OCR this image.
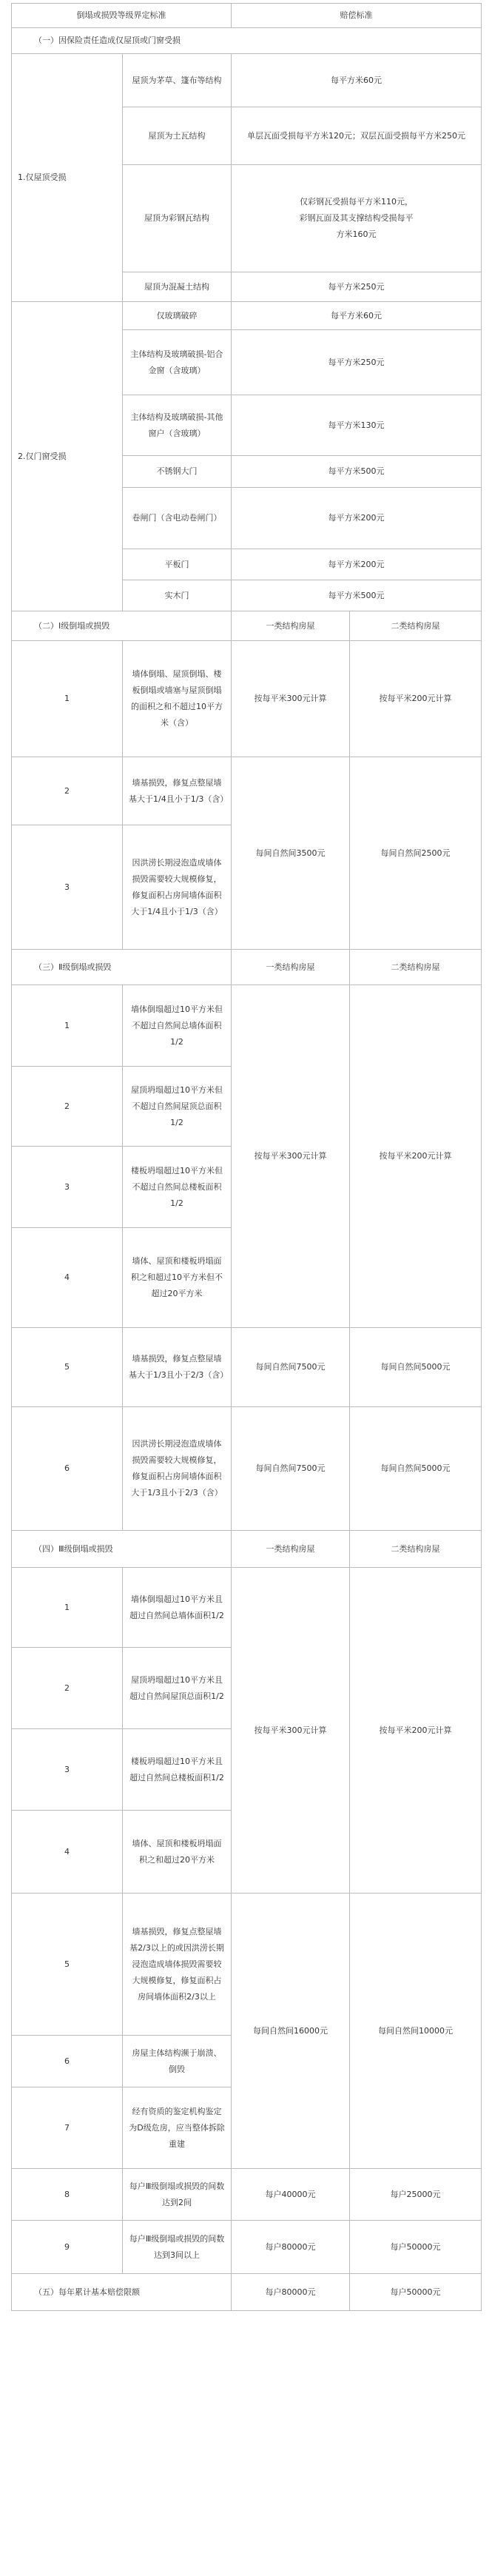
倒塌或损毁等级界定标准		赔偿标准	
（一）因保险责任造成仅屋顶或门窗受损			
1.仅屋顶受损	屋顶为茅草、篷布等结构	每平方米60元	
	屋顶为土瓦结构	单层瓦面受损每平方米120元；双层瓦面受损每平方米250元	
	屋顶为彩钢瓦结构	仅彩钢瓦受损每平方米110元，彩钢瓦面及其支撑结构受损每平方米160元	
	屋顶为混凝土结构	每平方米250元	
2.仅门窗受损	仅玻璃破碎	每平方米60元	
	主体结构及玻璃破损-铝合金窗（含玻璃）	每平方米250元	
	主体结构及玻璃破损-其他窗户（含玻璃）	每平方米130元	
	不锈钢大门	每平方米500元	
	卷闸门（含电动卷闸门）	每平方米200元	
	平板门	每平方米200元	
	实木门	每平方米500元	
（二）Ⅰ级倒塌或损毁		一类结构房屋	二类结构房屋
1	墙体倒塌、屋顶倒塌、楼板倒塌或墙塞与屋顶倒塌的面积之和不超过10平方米（含）	按每平米300元计算	按每平米200元计算
2	墙基损毁，修复点整屋墙基大于1/4且小于1/3（含）	每间自然间3500元	每间自然间2500元
3	因洪涝长期浸泡造成墙体损毁需要较大规模修复，修复面积占房间墙体面积大于1/4且小于1/3（含）		
（三）Ⅱ级倒塌或损毁		一类结构房屋	二类结构房屋
1	墙体倒塌超过10平方米但不超过自然间总墙体面积1/2	按每平米300元计算	按每平米200元计算
2	屋顶坍塌超过10平方米但不超过自然间屋顶总面积1/2		
3	楼板坍塌超过10平方米但不超过自然间总楼板面积1/2		
4	墙体、屋顶和楼板坍塌面积之和超过10平方米但不超过20平方米		
5	墙基损毁，修复点整屋墙基大于1/3且小于2/3（含）	每间自然间7500元	每间自然间5000元
6	因洪涝长期浸泡造成墙体损毁需要较大规模修复，修复面积占房间墙体面积大于1/3且小于2/3（含）	每间自然间7500元	每间自然间5000元
（四）Ⅲ级倒塌或损毁		一类结构房屋	二类结构房屋
1	墙体倒塌超过10平方米且超过自然间总墙体面积1/2	按每平米300元计算	按每平米200元计算
2	屋顶坍塌超过10平方米且超过自然间屋顶总面积1/2		
3	楼板坍塌超过10平方米且超过自然间总楼板面积1/2		
4	墙体、屋顶和楼板坍塌面积之和超过20平方米		
5	墙基损毁，修复点整屋墙基2/3以上的或因洪涝长期浸泡造成墙体损毁需要较大规模修复，修复面积占房间墙体面积2/3以上	每间自然间16000元	每间自然间10000元
6	房屋主体结构濒于崩溃、倒毁		
7	经有资质的鉴定机构鉴定为D级危房，应当整体拆除重建		
8	每户Ⅲ级倒塌或损毁的间数达到2间	每户40000元	每户25000元
9	每户Ⅲ级倒塌或损毁的间数达到3间以上	每户80000元	每户50000元
（五）每年累计基本赔偿限额		每户80000元	每户50000元
